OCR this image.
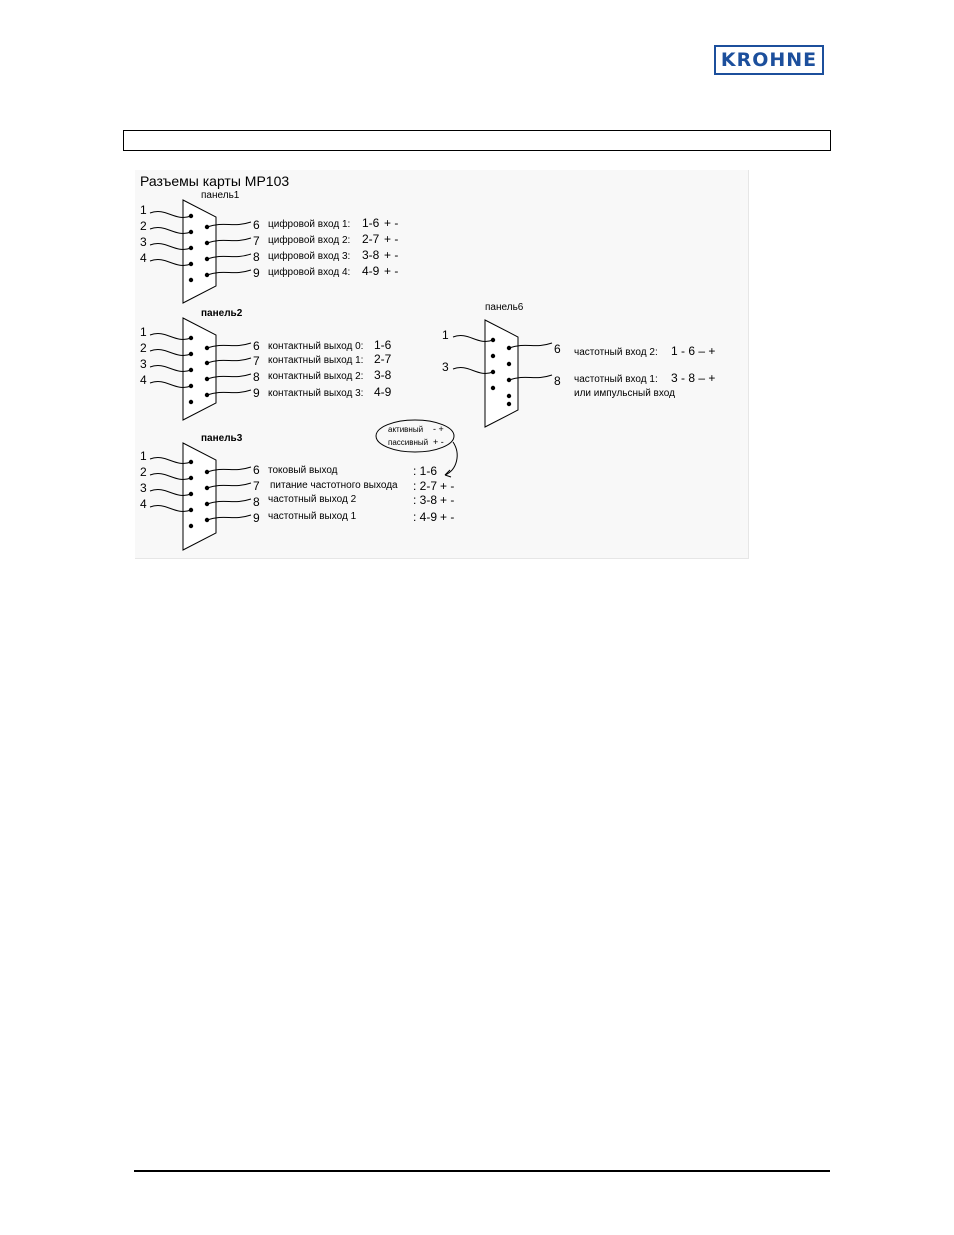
KROHNE
Разъемы карты MP103
панель1
1
2
3
4
6
7
8
9
цифровой вход 1: 1-6 + -
цифровой вход 2: 2-7 + -
цифровой вход 3: 3-8 + -
цифровой вход 4: 4-9 + -
панель2
1
2
3
4
6
7
8
9
контактный выход 0: 1-6
контактный выход 1: 2-7
контактный выход 2: 3-8
контактный выход 3: 4-9
панель3
1
2
3
4
6
7
8
9
токовый выход	: 1-6
питание частотного выхода : 2-7 + -
частотный выход 2	: 3-8 + -
частотный выход 1	: 4-9 + -
активный - +
пассивный + -
панель6
1
3
6
8
частотный вход 2: 1 - 6 – +
частотный вход 1: 3 - 8 – +
или импульсный вход
